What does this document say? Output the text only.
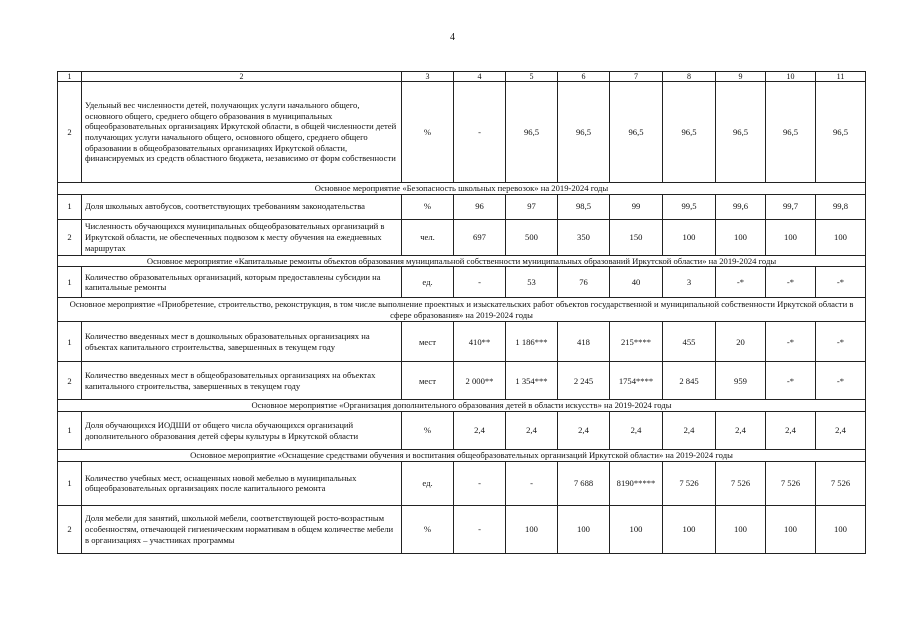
4
1	2	3	4	5	6	7	8	9	10	11
2	Удельный вес численности детей, получающих услуги начального общего, основного общего, среднего общего образования в муниципальных общеобразовательных организациях Иркутской области, в общей численности детей получающих услуги начального общего, основного общего, среднего общего образовании в общеобразовательных организациях Иркутской области, финансируемых из средств областного бюджета, независимо от форм собственности	%	-	96,5	96,5	96,5	96,5	96,5	96,5	96,5
Основное мероприятие «Безопасность школьных перевозок» на 2019-2024 годы										
1	Доля школьных автобусов, соответствующих требованиям законодательства	%	96	97	98,5	99	99,5	99,6	99,7	99,8
2	Численность обучающихся муниципальных общеобразовательных организаций в Иркутской области, не обеспеченных подвозом к месту обучения на ежедневных маршрутах	чел.	697	500	350	150	100	100	100	100
Основное мероприятие «Капитальные ремонты объектов образования муниципальной собственности муниципальных образований Иркутской области» на 2019-2024 годы										
1	Количество образовательных организаций, которым предоставлены субсидии на капитальные ремонты	ед.	-	53	76	40	3	-*	-*	-*
Основное мероприятие «Приобретение, строительство, реконструкция, в том числе выполнение проектных и изыскательских работ объектов государственной и муниципальной собственности Иркутской области в сфере образования» на 2019-2024 годы										
1	Количество введенных мест в дошкольных образовательных организациях на объектах капитального строительства, завершенных в текущем году	мест	410**	1 186***	418	215****	455	20	-*	-*
2	Количество введенных мест в общеобразовательных организациях на объектах капитального строительства, завершенных в текущем году	мест	2 000**	1 354***	2 245	1754****	2 845	959	-*	-*
Основное мероприятие «Организация дополнительного образования детей в области искусств» на 2019-2024 годы										
1	Доля обучающихся ИОДШИ от общего числа обучающихся организаций дополнительного образования детей сферы культуры в Иркутской области	%	2,4	2,4	2,4	2,4	2,4	2,4	2,4	2,4
Основное мероприятие «Оснащение средствами обучения и воспитания общеобразовательных организаций Иркутской области» на 2019-2024 годы										
1	Количество учебных мест, оснащенных новой мебелью в муниципальных общеобразовательных организациях после капитального ремонта	ед.	-	-	7 688	8190*****	7 526	7 526	7 526	7 526
2	Доля мебели для занятий, школьной мебели, соответствующей росто-возрастным особенностям, отвечающей гигиеническим нормативам в общем количестве мебели в организациях – участниках программы	%	-	100	100	100	100	100	100	100
